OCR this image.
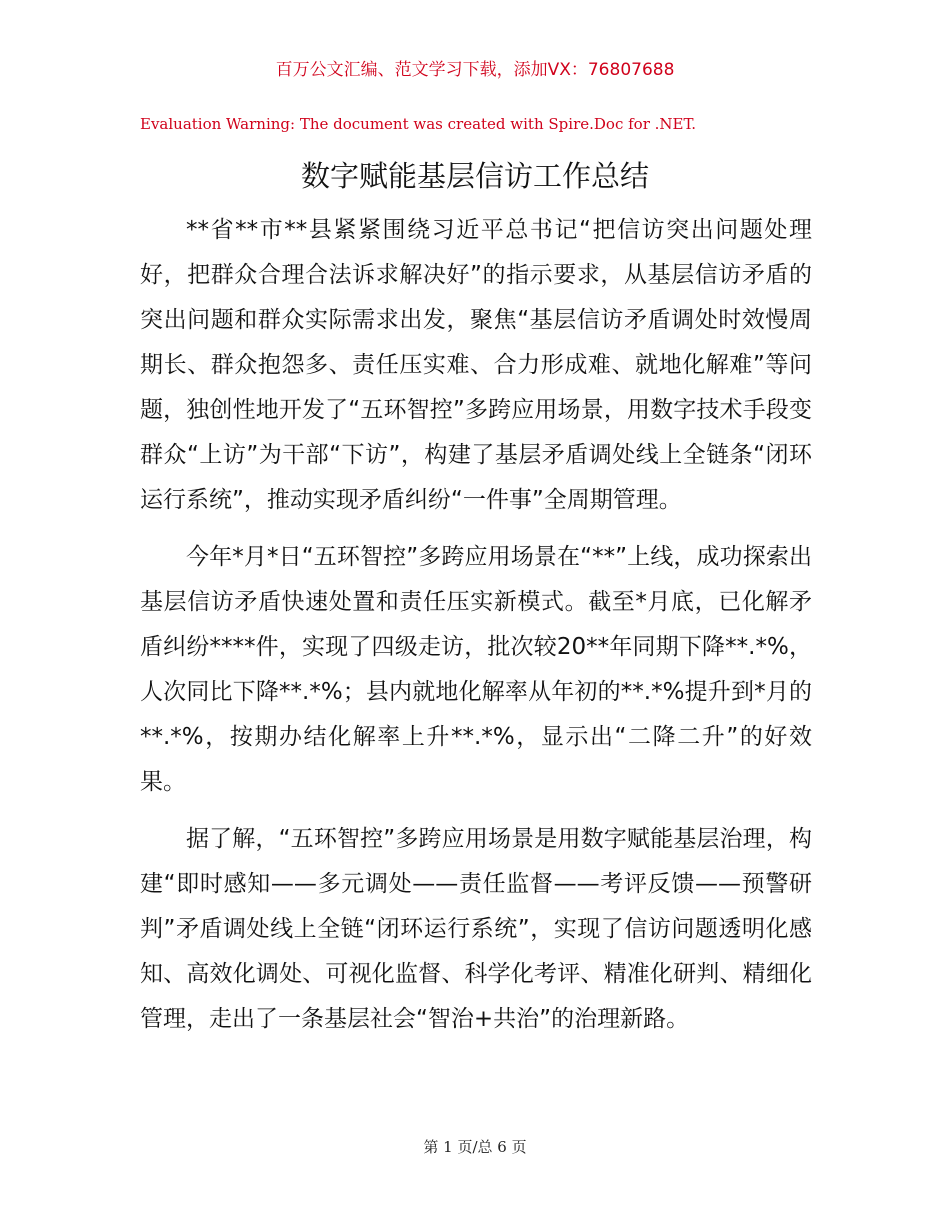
百万公文汇编、范文学习下载，添加VX：76807688
Evaluation Warning: The document was created with Spire.Doc for .NET.
数字赋能基层信访工作总结

**省**市**县紧紧围绕习近平总书记“把信访突出问题处理好，把群众合理合法诉求解决好”的指示要求，从基层信访矛盾的突出问题和群众实际需求出发，聚焦“基层信访矛盾调处时效慢周期长、群众抱怨多、责任压实难、合力形成难、就地化解难”等问题，独创性地开发了“五环智控”多跨应用场景，用数字技术手段变群众“上访”为干部“下访”，构建了基层矛盾调处线上全链条“闭环运行系统”，推动实现矛盾纠纷“一件事”全周期管理。

今年*月*日“五环智控”多跨应用场景在“**”上线，成功探索出基层信访矛盾快速处置和责任压实新模式。截至*月底，已化解矛盾纠纷****件，实现了四级走访，批次较20**年同期下降**.*%，人次同比下降**.*%；县内就地化解率从年初的**.*%提升到*月的**.*%，按期办结化解率上升**.*%，显示出“二降二升”的好效果。

据了解，“五环智控”多跨应用场景是用数字赋能基层治理，构建“即时感知——多元调处——责任监督——考评反馈——预警研判”矛盾调处线上全链“闭环运行系统”，实现了信访问题透明化感知、高效化调处、可视化监督、科学化考评、精准化研判、精细化管理，走出了一条基层社会“智治+共治”的治理新路。

第 1 页/总 6 页
